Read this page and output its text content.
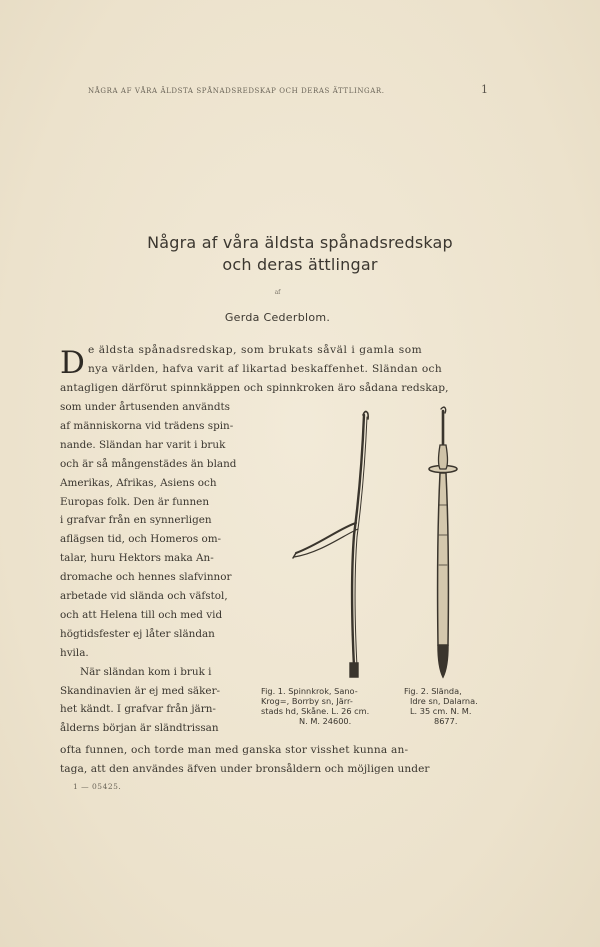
NÅGRA AF VÅRA ÄLDSTA SPÅNADSREDSKAP OCH DERAS ÄTTLINGAR.	1
Några af våra äldsta spånadsredskap
och deras ättlingar
af
Gerda Cederblom.
D e äldsta spånadsredskap, som brukats såväl i gamla som
nya världen, hafva varit af likartad beskaffenhet. Sländan och
antagligen därförut spinnkäppen och spinnkroken äro sådana redskap,
som under årtusenden användts
af människorna vid trädens spin-
nande. Sländan har varit i bruk
och är så mångenstädes än bland
Amerikas, Afrikas, Asiens och
Europas folk. Den är funnen
i grafvar från en synnerligen
aflägsen tid, och Homeros om-
talar, huru Hektors maka An-
dromache och hennes slafvinnor
arbetade vid slända och väfstol,
och att Helena till och med vid
högtidsfester ej låter sländan
hvila.
När sländan kom i bruk i
Skandinavien är ej med säker-
het kändt. I grafvar från järn-
ålderns början är sländtrissan
Fig. 1. Spinnkrok, Sano-
Krog=, Borrby sn, Järr-
stads hd, Skåne. L. 26 cm.
N. M. 24600.
Fig. 2. Slända,
Idre sn, Dalarna.
L. 35 cm. N. M.
8677.
ofta funnen, och torde man med ganska stor visshet kunna an-
taga, att den användes äfven under bronsåldern och möjligen under
1 — 05425.
